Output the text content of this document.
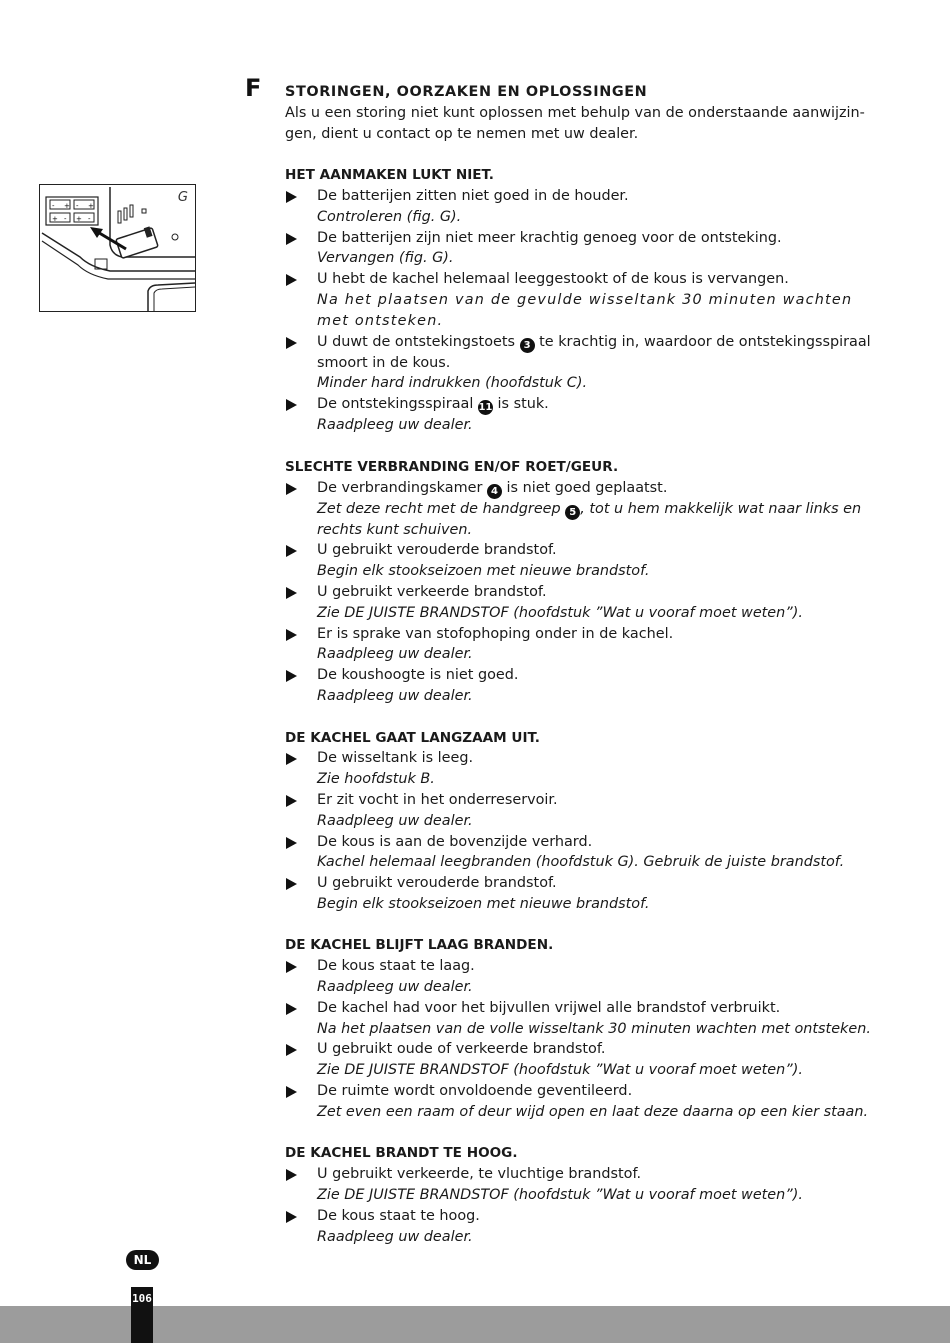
F
- + - +
+ - + -
G
STORINGEN, OORZAKEN EN OPLOSSINGEN
Als u een storing niet kunt oplossen met behulp van de onderstaande aanwijzin-
gen, dient u contact op te nemen met uw dealer.
HET AANMAKEN LUKT NIET.
De batterijen zitten niet goed in de houder.
Controleren (fig. G).
De batterijen zijn niet meer krachtig genoeg voor de ontsteking.
Vervangen (fig. G).
U hebt de kachel helemaal leeggestookt of de kous is vervangen.
Na het plaatsen van de gevulde wisseltank 30 minuten wachten met ontsteken.
U duwt de ontstekingstoets 3 te krachtig in, waardoor de ontstekingsspiraal smoort in de kous.
Minder hard indrukken (hoofdstuk C).
De ontstekingsspiraal 11 is stuk.
Raadpleeg uw dealer.
SLECHTE VERBRANDING EN/OF ROET/GEUR.
De verbrandingskamer 4 is niet goed geplaatst.
Zet deze recht met de handgreep 5 , tot u hem makkelijk wat naar links en rechts kunt schuiven.
U gebruikt verouderde brandstof.
Begin elk stookseizoen met nieuwe brandstof.
U gebruikt verkeerde brandstof.
Zie DE JUISTE BRANDSTOF (hoofdstuk ”Wat u vooraf moet weten”).
Er is sprake van stofophoping onder in de kachel.
Raadpleeg uw dealer.
De koushoogte is niet goed.
Raadpleeg uw dealer.
DE KACHEL GAAT LANGZAAM UIT.
De wisseltank is leeg.
Zie hoofdstuk B.
Er zit vocht in het onderreservoir.
Raadpleeg uw dealer.
De kous is aan de bovenzijde verhard.
Kachel helemaal leegbranden (hoofdstuk G). Gebruik de juiste brandstof.
U gebruikt verouderde brandstof.
Begin elk stookseizoen met nieuwe brandstof.
DE KACHEL BLIJFT LAAG BRANDEN.
De kous staat te laag.
Raadpleeg uw dealer.
De kachel had voor het bijvullen vrijwel alle brandstof verbruikt.
Na het plaatsen van de volle wisseltank 30 minuten wachten met ontsteken.
U gebruikt oude of verkeerde brandstof.
Zie DE JUISTE BRANDSTOF (hoofdstuk ”Wat u vooraf moet weten”).
De ruimte wordt onvoldoende geventileerd.
Zet even een raam of deur wijd open en laat deze daarna op een kier staan.
DE KACHEL BRANDT TE HOOG.
U gebruikt verkeerde, te vluchtige brandstof.
Zie DE JUISTE BRANDSTOF (hoofdstuk ”Wat u vooraf moet weten”).
De kous staat te hoog.
Raadpleeg uw dealer.
NL
106
